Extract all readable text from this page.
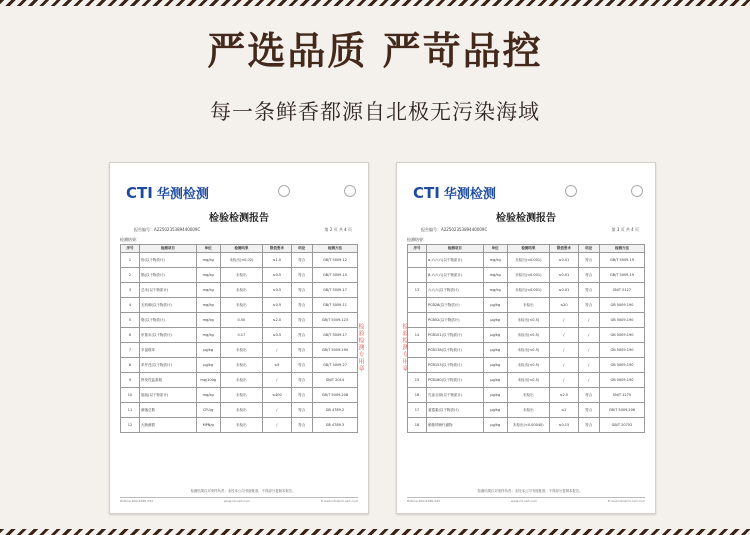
严选品质 严苛品控
每一条鲜香都源自北极无污染海域
CTI 华测检测
检验检测报告
报告编号：A2250235389440009C	第 2 页 共 4 页
检测结果：
序号	检测项目	单位	检测结果	限值要求	结论	检测方法
1	铅(以干物质计)	mg/kg	未检出(<0.02)	≤1.0	符合	GB/T 5009.12
2	镉(以干物质计)	mg/kg	未检出	≤0.5	符合	GB/T 5009.15
3	总汞(以干物质计)	mg/kg	未检出	≤0.5	符合	GB/T 5009.17
4	无机砷(以干物质计)	mg/kg	未检出	≤0.5	符合	GB/T 5009.11
5	铬(以干物质计)	mg/kg	0.50	≤2.0	符合	GB/T 5009.123
6	甲基汞(以干物质计)	mg/kg	0.17	≤0.5	符合	GB/T 5009.17
7	多氯联苯	μg/kg	未检出	/	符合	GB/T 5009.190
8	苯并芘(以干物质计)	μg/kg	未检出	≤5	符合	GB/T 5009.27
9	挥发性盐基氮	mg/100g	未检出	/	符合	SN/T 2014
10	组胺(以干物质计)	mg/kg	未检出	≤400	符合	GB/T 5009.208
11	菌落总数	CFU/g	未检出	/	符合	GB 4789.2
12	大肠菌群	MPN/g	未检出	/	符合	GB 4789.3
检验检测专用章
检测结果仅对来样负责；未经本公司书面批准，不得部分复制本报告。
Hotline 400-6788-333	www.cti-cert.com	E-mail info@cti-cert.com
CTI 华测检测
检验检测报告
报告编号：A2250235389440009C	第 3 页 共 4 页
检测结果：
序号	检测项目	单位	检测结果	限值要求	结论	检测方法
	α-六六六(以干物质计)	mg/kg	未检出(<0.001)	≤0.01	符合	GB/T 5009.19
	β-六六六(以干物质计)	mg/kg	未检出(<0.001)	≤0.01	符合	GB/T 5009.19
13	六六六(以干物质计)	mg/kg	未检出(<0.001)	≤0.01	符合	SN/T 0127
	PCB28(以干物质计)	μg/kg	未检出	≤20	符合	GB 5009.190
	PCB52(以干物质计)	μg/kg	未检出(<0.5)	/	/	GB 5009.190
14	PCB101(以干物质计)	μg/kg	未检出(<0.5)	/	/	GB 5009.190
	PCB138(以干物质计)	μg/kg	未检出(<0.5)	/	/	GB 5009.190
	PCB153(以干物质计)	μg/kg	未检出(<0.5)	/	/	GB 5009.190
15	PCB180(以干物质计)	μg/kg	未检出(<0.5)	/	/	GB 5009.190
16	孔雀石绿(以干物质计)	μg/kg	未检出	≤2.5	符合	SN/T 1275
17	氯霉素(以干物质计)	μg/kg	未检出	≤2	符合	GB/T 5009.206
18	硝基呋喃代谢物	μg/kg	未检出(<0.00040)	≤0.15	符合	GB/T 20752
检验检测专用章
检测结果仅对来样负责；未经本公司书面批准，不得部分复制本报告。
Hotline 400-6788-333	www.cti-cert.com	E-mail info@cti-cert.com
